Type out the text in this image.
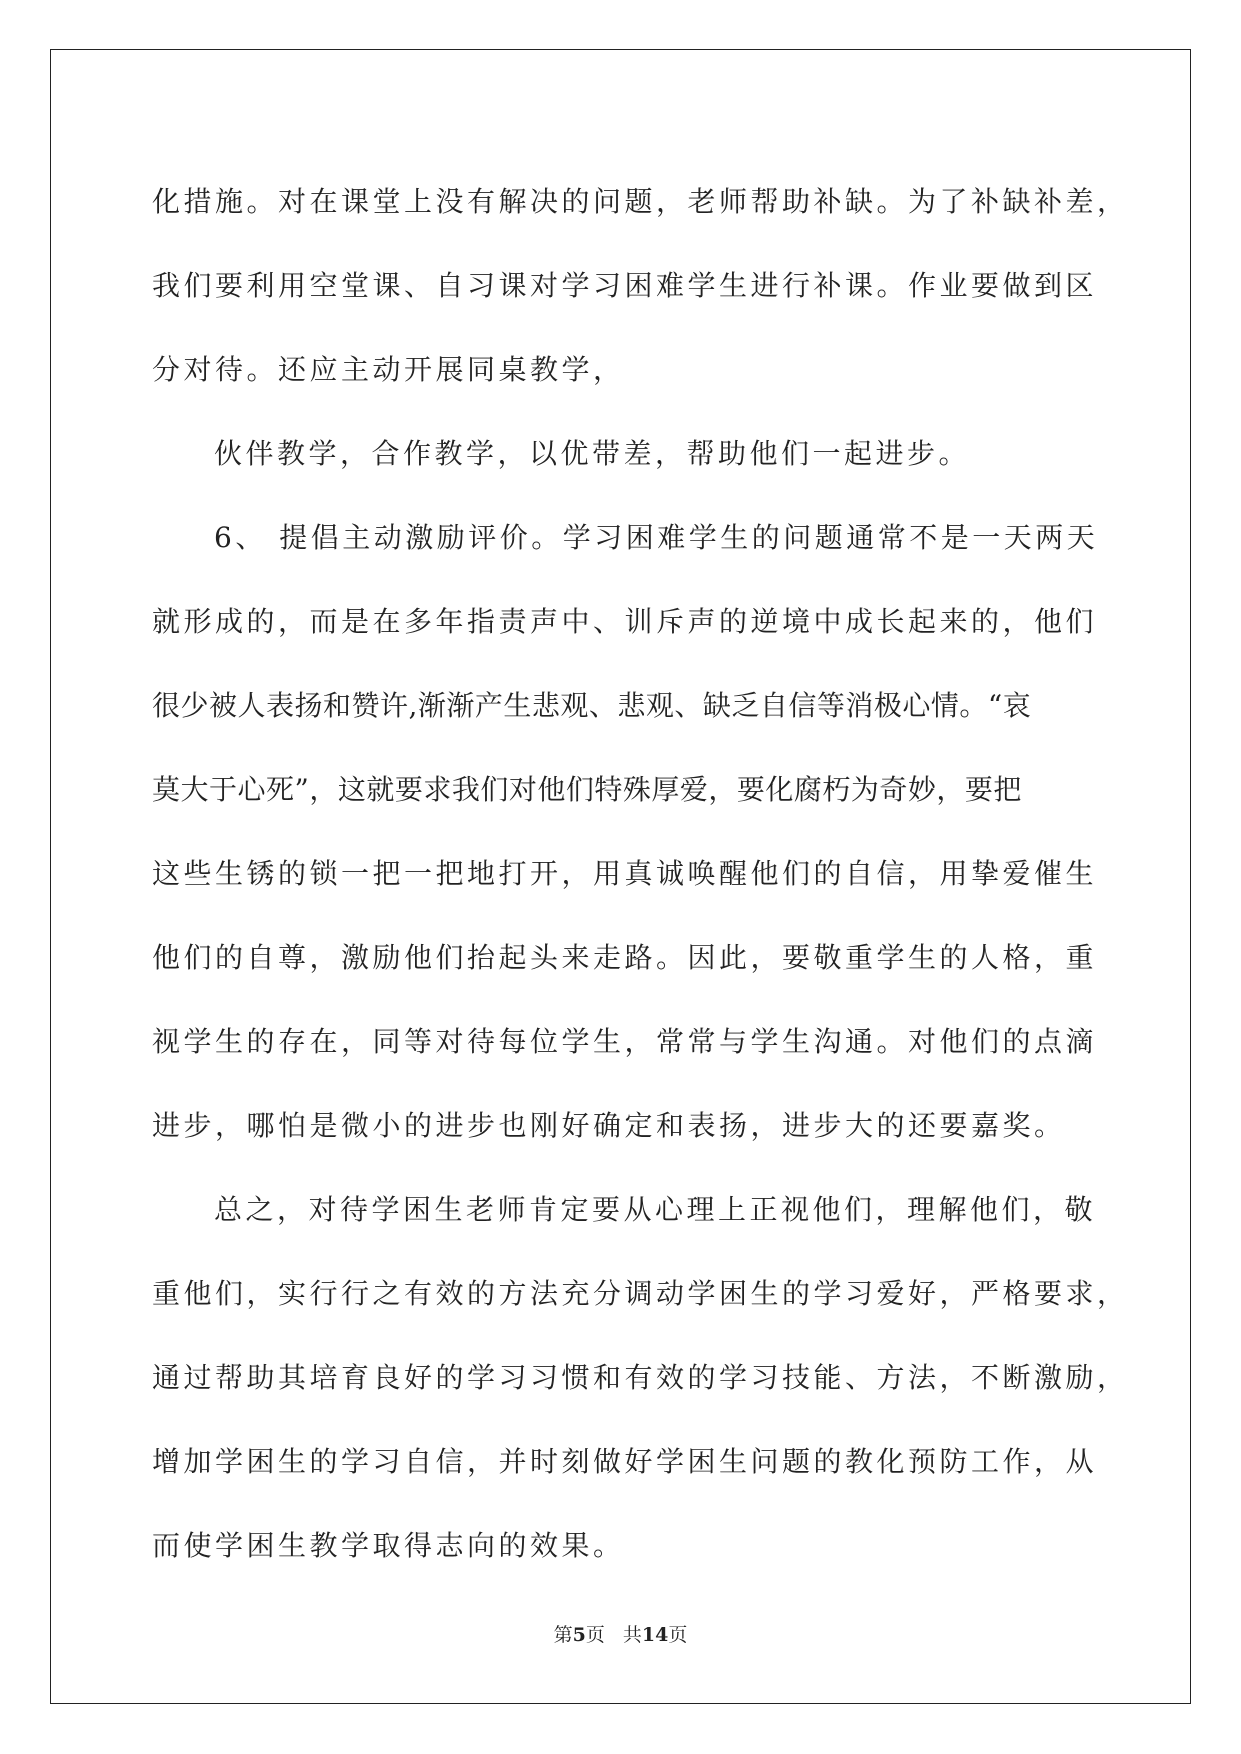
化措施。对在课堂上没有解决的问题，老师帮助补缺。为了补缺补差，
我们要利用空堂课、自习课对学习困难学生进行补课。作业要做到区
分对待。还应主动开展同桌教学，
伙伴教学，合作教学，以优带差，帮助他们一起进步。
6、 提倡主动激励评价。学习困难学生的问题通常不是一天两天
就形成的，而是在多年指责声中、训斥声的逆境中成长起来的，他们
很少被人表扬和赞许,渐渐产生悲观、悲观、缺乏自信等消极心情。“哀
莫大于心死”，这就要求我们对他们特殊厚爱，要化腐朽为奇妙，要把
这些生锈的锁一把一把地打开，用真诚唤醒他们的自信，用挚爱催生
他们的自尊，激励他们抬起头来走路。因此，要敬重学生的人格，重
视学生的存在，同等对待每位学生，常常与学生沟通。对他们的点滴
进步，哪怕是微小的进步也刚好确定和表扬，进步大的还要嘉奖。
总之，对待学困生老师肯定要从心理上正视他们，理解他们，敬
重他们，实行行之有效的方法充分调动学困生的学习爱好，严格要求，
通过帮助其培育良好的学习习惯和有效的学习技能、方法，不断激励，
增加学困生的学习自信，并时刻做好学困生问题的教化预防工作，从
而使学困生教学取得志向的效果。
第5页 共14页
